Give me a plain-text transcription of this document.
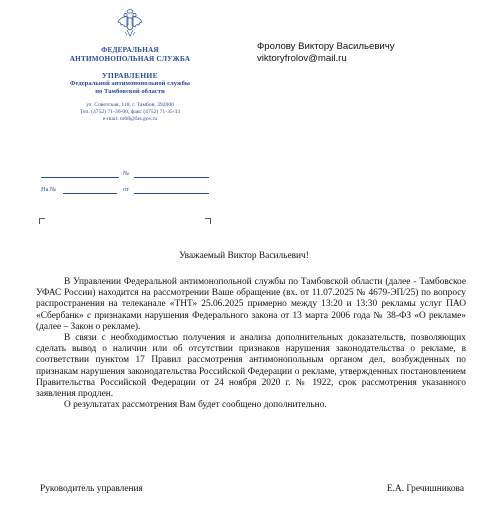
ФЕДЕРАЛЬНАЯ
АНТИМОНОПОЛЬНАЯ СЛУЖБА
УПРАВЛЕНИЕ
Федеральной антимонопольной службы
по Тамбовской области
ул. Советская, 118, г. Тамбов, 392000
Тел. (4752) 71-36-00, факс (4752) 71-35-33
e-mail: to68@fas.gov.ru
Фролову Виктору Васильевичу
viktoryfrolov@mail.ru
№
На №	от
Уважаемый Виктор Васильевич!

В Управлении Федеральной антимонопольной службы по Тамбовской области (далее - Тамбовское УФАС России) находится на рассмотрении Ваше обращение (вх. от 11.07.2025 № 4679-ЭП/25) по вопросу распространения на телеканале «ТНТ» 25.06.2025 примерно между 13:20 и 13:30 рекламы услуг ПАО «Сбербанк» с признаками нарушения Федерального закона от 13 марта 2006 года № 38-ФЗ «О рекламе» (далее – Закон о рекламе).

В связи с необходимостью получения и анализа дополнительных доказательств, позволяющих сделать вывод о наличии или об отсутствии признаков нарушения законодательства о рекламе, в соответствии пунктом 17 Правил рассмотрения антимонопольным органом дел, возбужденных по признакам нарушения законодательства Российской Федерации о рекламе, утвержденных постановлением Правительства Российской Федерации от 24 ноября 2020 г. № 1922, срок рассмотрения указанного заявления продлен.

О результатах рассмотрения Вам будет сообщено дополнительно.

Руководитель управления	Е.А. Гречишникова
